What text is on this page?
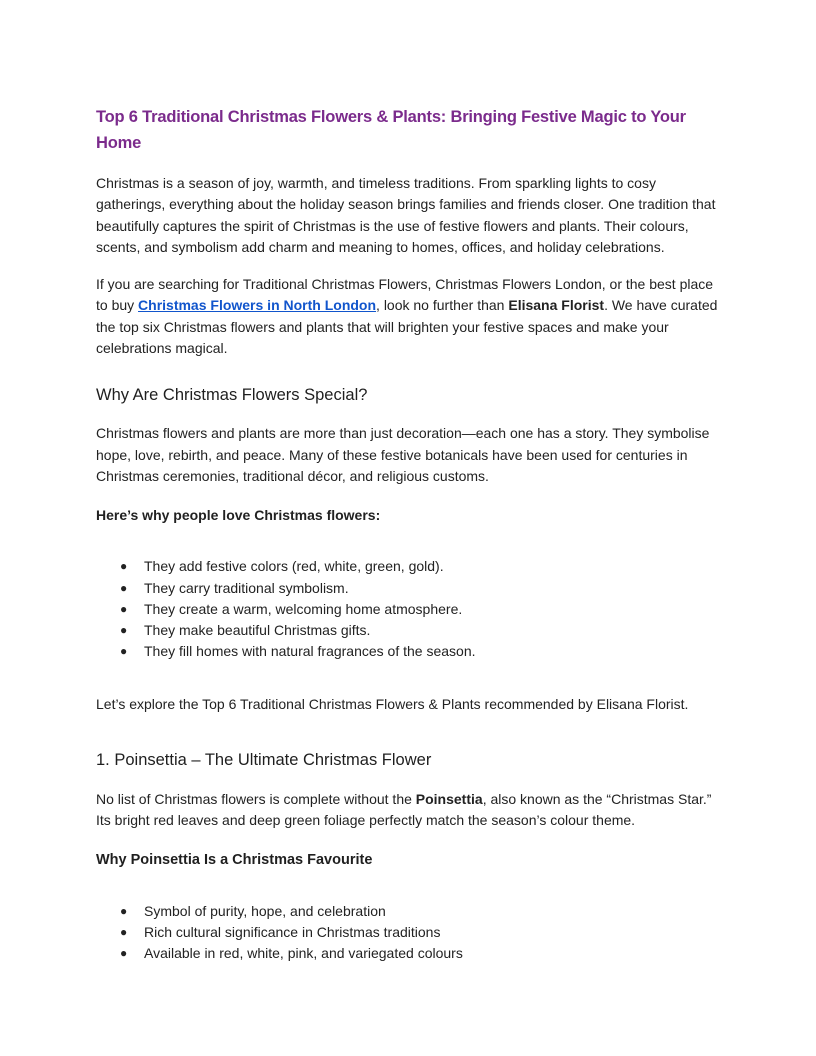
Top 6 Traditional Christmas Flowers & Plants: Bringing Festive Magic to Your Home

Christmas is a season of joy, warmth, and timeless traditions. From sparkling lights to cosy gatherings, everything about the holiday season brings families and friends closer. One tradition that beautifully captures the spirit of Christmas is the use of festive flowers and plants. Their colours, scents, and symbolism add charm and meaning to homes, offices, and holiday celebrations.

If you are searching for Traditional Christmas Flowers, Christmas Flowers London, or the best place to buy Christmas Flowers in North London, look no further than Elisana Florist. We have curated the top six Christmas flowers and plants that will brighten your festive spaces and make your celebrations magical.

Why Are Christmas Flowers Special?

Christmas flowers and plants are more than just decoration—each one has a story. They symbolise hope, love, rebirth, and peace. Many of these festive botanicals have been used for centuries in Christmas ceremonies, traditional décor, and religious customs.

Here’s why people love Christmas flowers:

● They add festive colors (red, white, green, gold).
● They carry traditional symbolism.
● They create a warm, welcoming home atmosphere.
● They make beautiful Christmas gifts.
● They fill homes with natural fragrances of the season.

Let’s explore the Top 6 Traditional Christmas Flowers & Plants recommended by Elisana Florist.

1. Poinsettia – The Ultimate Christmas Flower

No list of Christmas flowers is complete without the Poinsettia, also known as the “Christmas Star.” Its bright red leaves and deep green foliage perfectly match the season’s colour theme.

Why Poinsettia Is a Christmas Favourite
● Symbol of purity, hope, and celebration
● Rich cultural significance in Christmas traditions
● Available in red, white, pink, and variegated colours
